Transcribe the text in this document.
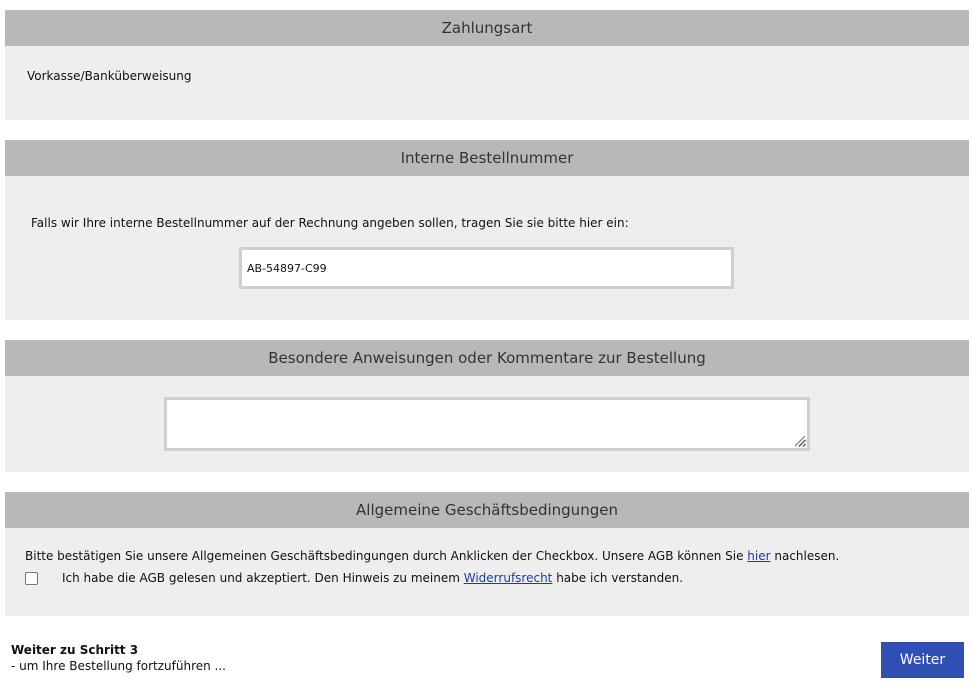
Zahlungsart
Vorkasse/Banküberweisung
Interne Bestellnummer
Falls wir Ihre interne Bestellnummer auf der Rechnung angeben sollen, tragen Sie sie bitte hier ein:
AB-54897-C99
Besondere Anweisungen oder Kommentare zur Bestellung
Allgemeine Geschäftsbedingungen
Bitte bestätigen Sie unsere Allgemeinen Geschäftsbedingungen durch Anklicken der Checkbox. Unsere AGB können Sie hier nachlesen.
Ich habe die AGB gelesen und akzeptiert. Den Hinweis zu meinem Widerrufsrecht habe ich verstanden.
Weiter zu Schritt 3
- um Ihre Bestellung fortzuführen ...	Weiter
